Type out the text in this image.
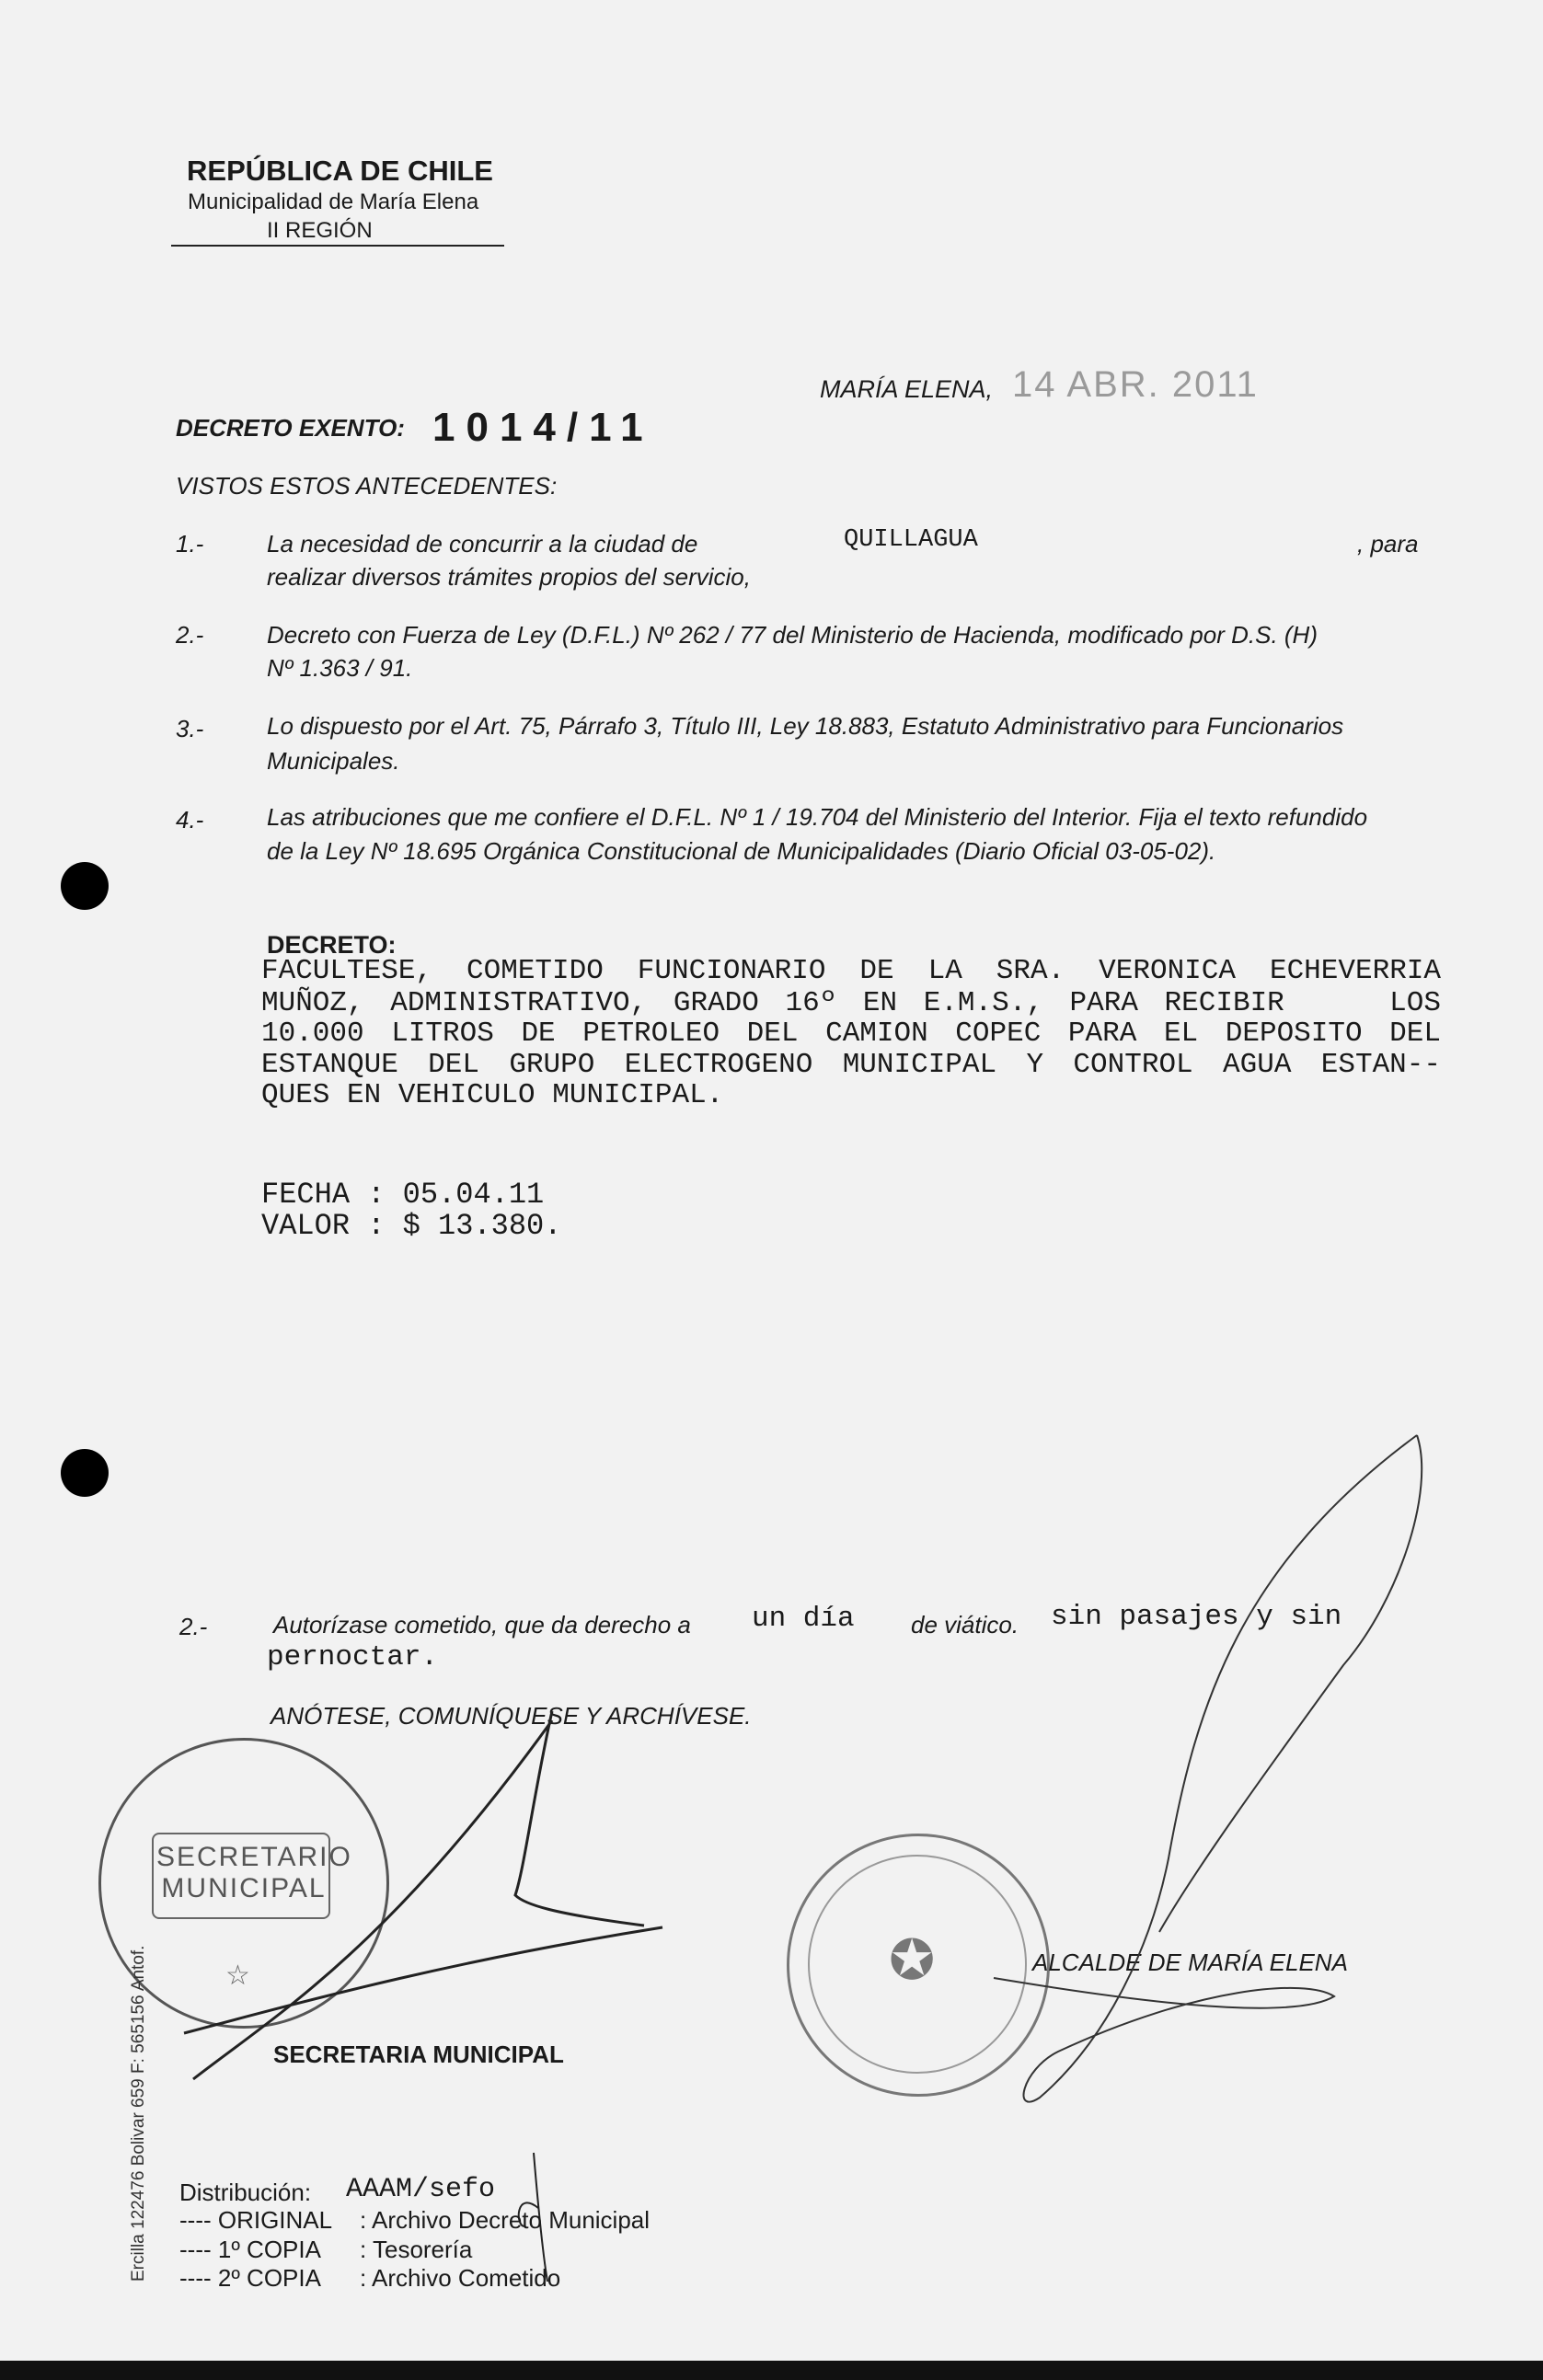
REPÚBLICA DE CHILE
Municipalidad de María Elena
II REGIÓN
MARÍA ELENA, 14 ABR. 2011
DECRETO EXENTO: 1014/11
VISTOS ESTOS ANTECEDENTES:
1.-	La necesidad de concurrir a la ciudad de	QUILLAGUA	, para
realizar diversos trámites propios del servicio,
2.-	Decreto con Fuerza de Ley (D.F.L.) Nº 262 / 77 del Ministerio de Hacienda, modificado por D.S. (H)
Nº 1.363 / 91.
3.-	Lo dispuesto por el Art. 75, Párrafo 3, Título III, Ley 18.883, Estatuto Administrativo para Funcionarios
Municipales.
4.-	Las atribuciones que me confiere el D.F.L. Nº 1 / 19.704 del Ministerio del Interior. Fija el texto refundido
de la Ley Nº 18.695 Orgánica Constitucional de Municipalidades (Diario Oficial 03-05-02).
DECRETO:
FACULTESE, COMETIDO FUNCIONARIO DE LA SRA. VERONICA ECHEVERRIA
MUÑOZ, ADMINISTRATIVO, GRADO 16º EN E.M.S., PARA RECIBIR    LOS
10.000 LITROS DE PETROLEO DEL CAMION COPEC PARA EL DEPOSITO DEL
ESTANQUE DEL GRUPO ELECTROGENO MUNICIPAL Y CONTROL AGUA ESTAN--
QUES EN VEHICULO MUNICIPAL.
FECHA : 05.04.11
VALOR : $ 13.380.
2.-	Autorízase cometido, que da derecho a un día de viático. sin pasajes y sin
pernoctar.
ANÓTESE, COMUNÍQUESE Y ARCHÍVESE.
SECRETARIO MUNICIPAL
☆	✪	ALCALDE DE MARÍA ELENA
SECRETARIA MUNICIPAL
Ercilla 122476 Bolivar 659 F: 565156 Antof. Distribución: AAAM/sefo
---- ORIGINAL : Archivo Decreto Municipal
---- 1º COPIA : Tesorería
---- 2º COPIA : Archivo Cometido
